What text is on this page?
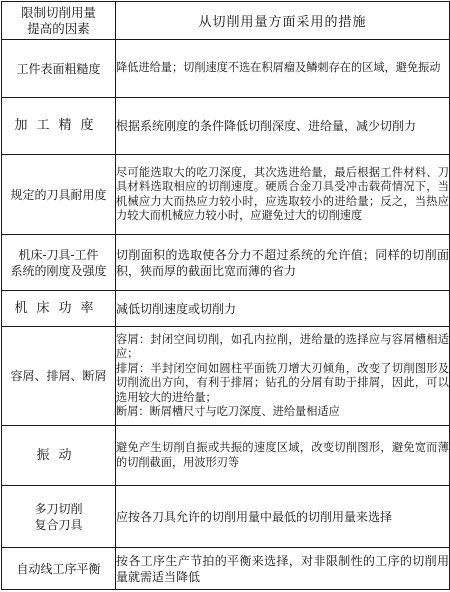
限制切削用量
提高的因素	从切削用量方面采用的措施
工件表面粗糙度	降低进给量；切削速度不选在积屑瘤及鳞刺存在的区域，避免振动

加工精度	根据系统刚度的条件降低切削深度、进给量，减少切削力

规定的刀具耐用度	尽可能选取大的吃刀深度，其次选进给量，最后根据工件材料、刀具材料选取相应的切削速度。硬质合金刀具受冲击载荷情况下，当机械应力大而热应力较小时，应选取较小的进给量；反之，当热应力较大而机械应力较小时，应避免过大的切削速度

机床-刀具-工件
系统的刚度及强度	切削面积的选取使各分力不超过系统的允许值；同样的切削面积，狭而厚的截面比宽而薄的省力

机床功率	减低切削速度或切削力

容屑、排屑、断屑	容屑：封闭空间切削，如孔内拉削，进给量的选择应与容屑槽相适应；

排屑：半封闭空间如圆柱平面铣刀增大刃倾角，改变了切削图形及切削流出方向，有利于排屑；钻孔的分屑有助于排屑，因此，可以选用较大的进给量；

断屑：断屑槽尺寸与吃刀深度、进给量相适应

振动	避免产生切削自振或共振的速度区域，改变切削图形，避免宽而薄的切削截面，用波形刃等

多刀切削
复合刀具	应按各刀具允许的切削用量中最低的切削用量来选择

自动线工序平衡	按各工序生产节拍的平衡来选择，对非限制性的工序的切削用量就需适当降低
